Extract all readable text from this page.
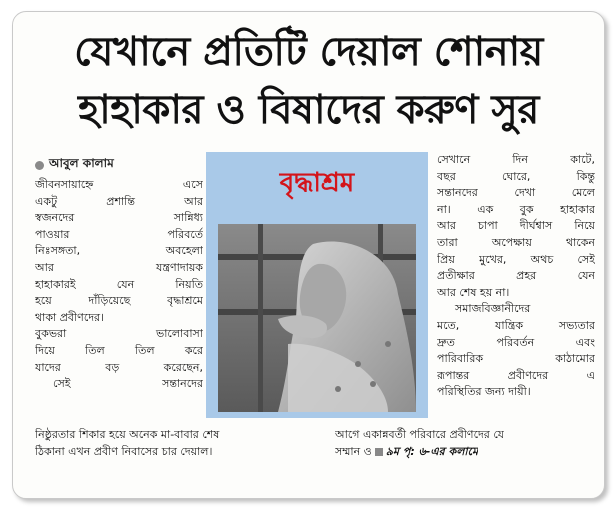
যেখানে প্রতিটি দেয়াল শোনায়
হাহাকার ও বিষাদের করুণ সুর
আবুল কালাম
জীবনসায়াহ্নে এসে
একটু প্রশান্তি আর
স্বজনদের সান্নিধ্য
পাওয়ার পরিবর্তে
নিঃসঙ্গতা, অবহেলা
আর যন্ত্রণাদায়ক
হাহাকারই যেন নিয়তি
হয়ে দাঁড়িয়েছে বৃদ্ধাশ্রমে
থাকা প্রবীণদের।
বুকভরা ভালোবাসা
দিয়ে তিল তিল করে
যাদের বড় করেছেন,
সেই সন্তানদের
বৃদ্ধাশ্রম
সেখানে দিন কাটে,
বছর ঘোরে, কিন্তু
সন্তানদের দেখা মেলে
না। এক বুক হাহাকার
আর চাপা দীর্ঘশ্বাস নিয়ে
তারা অপেক্ষায় থাকেন
প্রিয় মুখের, অথচ সেই
প্রতীক্ষার প্রহর যেন
আর শেষ হয় না।
সমাজবিজ্ঞানীদের
মতে, যান্ত্রিক সভ্যতার
দ্রুত পরিবর্তন এবং
পারিবারিক কাঠামোর
রূপান্তর প্রবীণদের এ
পরিস্থিতির জন্য দায়ী।
নিষ্ঠুরতার শিকার হয়ে অনেক মা-বাবার শেষ	আগে একান্নবর্তী পরিবারে প্রবীণদের যে
ঠিকানা এখন প্রবীণ নিবাসের চার দেয়াল।	সম্মান ও ৯ম পৃ: ৬-এর কলামে
